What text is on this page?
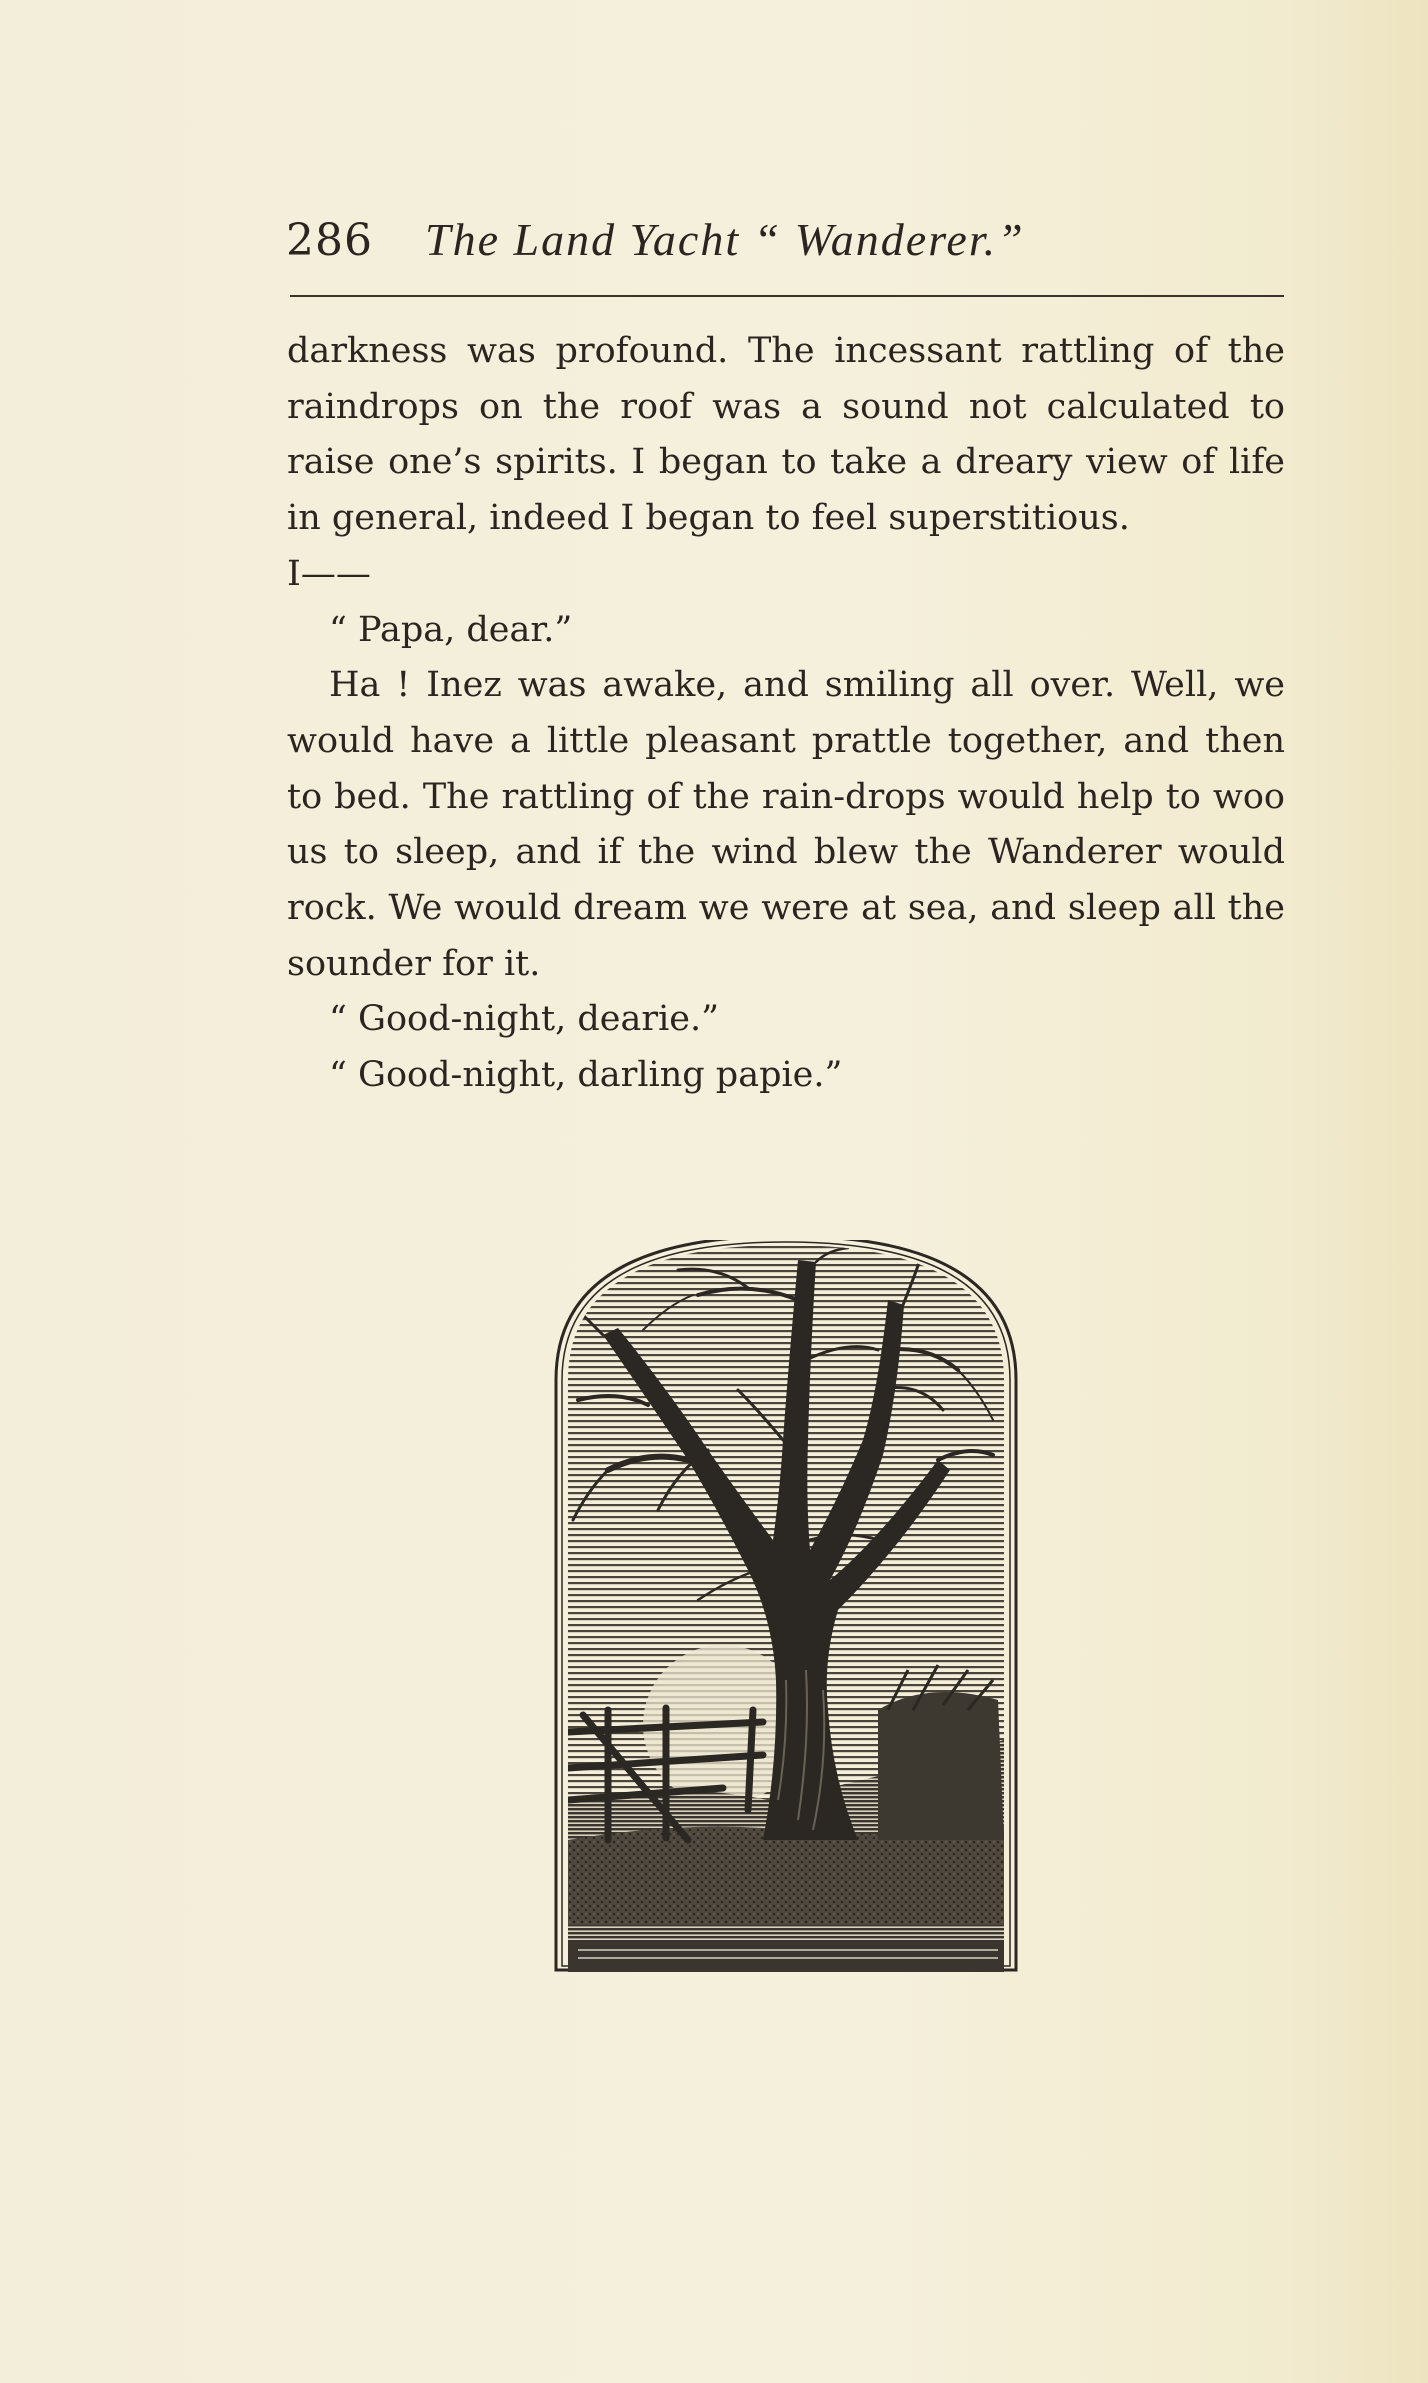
286 The Land Yacht “ Wanderer.”

darkness was profound. The incessant rattling of the raindrops on the roof was a sound not calculated to raise one’s spirits. I began to take a dreary view of life in general, indeed I began to feel superstitious.

I——

“ Papa, dear.”

Ha ! Inez was awake, and smiling all over. Well, we would have a little pleasant prattle together, and then to bed. The rattling of the rain-drops would help to woo us to sleep, and if the wind blew the Wanderer would rock. We would dream we were at sea, and sleep all the sounder for it.

“ Good-night, dearie.”

“ Good-night, darling papie.”
